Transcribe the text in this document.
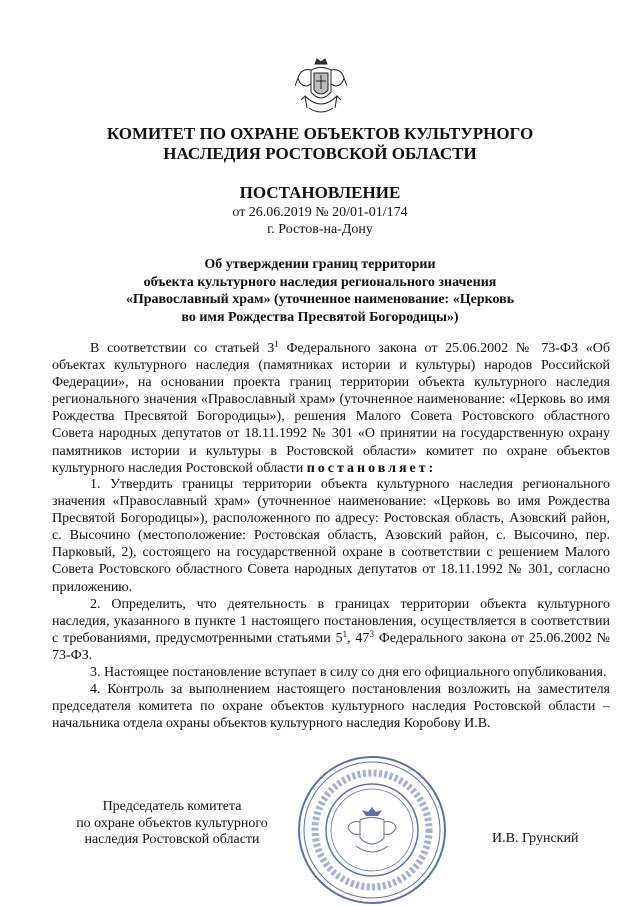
КОМИТЕТ ПО ОХРАНЕ ОБЪЕКТОВ КУЛЬТУРНОГО
НАСЛЕДИЯ РОСТОВСКОЙ ОБЛАСТИ
ПОСТАНОВЛЕНИЕ
от 26.06.2019 № 20/01-01/174
г. Ростов-на-Дону
Об утверждении границ территории
объекта культурного наследия регионального значения
«Православный храм» (уточненное наименование: «Церковь
во имя Рождества Пресвятой Богородицы»)

В соответствии со статьей $3^1$ Федерального закона от 25.06.2002 № 73-ФЗ «Об объектах культурного наследия (памятниках истории и культуры) народов Российской Федерации», на основании проекта границ территории объекта культурного наследия регионального значения «Православный храм» (уточненное наименование: «Церковь во имя Рождества Пресвятой Богородицы»), решения Малого Совета Ростовского областного Совета народных депутатов от 18.11.1992 № 301 «О принятии на государственную охрану памятников истории и культуры в Ростовской области» комитет по охране объектов культурного наследия Ростовской области постановляет:

1. Утвердить границы территории объекта культурного наследия регионального значения «Православный храм» (уточненное наименование: «Церковь во имя Рождества Пресвятой Богородицы»), расположенного по адресу: Ростовская область, Азовский район, с. Высочино (местоположение: Ростовская область, Азовский район, с. Высочино, пер. Парковый, 2), состоящего на государственной охране в соответствии с решением Малого Совета Ростовского областного Совета народных депутатов от 18.11.1992 № 301, согласно приложению.

2. Определить, что деятельность в границах территории объекта культурного наследия, указанного в пункте 1 настоящего постановления, осуществляется в соответствии с требованиями, предусмотренными статьями $5^1$, $47^3$ Федерального закона от 25.06.2002 № 73-ФЗ.

3. Настоящее постановление вступает в силу со дня его официального опубликования.

4. Контроль за выполнением настоящего постановления возложить на заместителя председателя комитета по охране объектов культурного наследия Ростовской области – начальника отдела охраны объектов культурного наследия Коробову И.В.

Председатель комитета
по охране объектов культурного
наследия Ростовской области	И.В. Грунский
